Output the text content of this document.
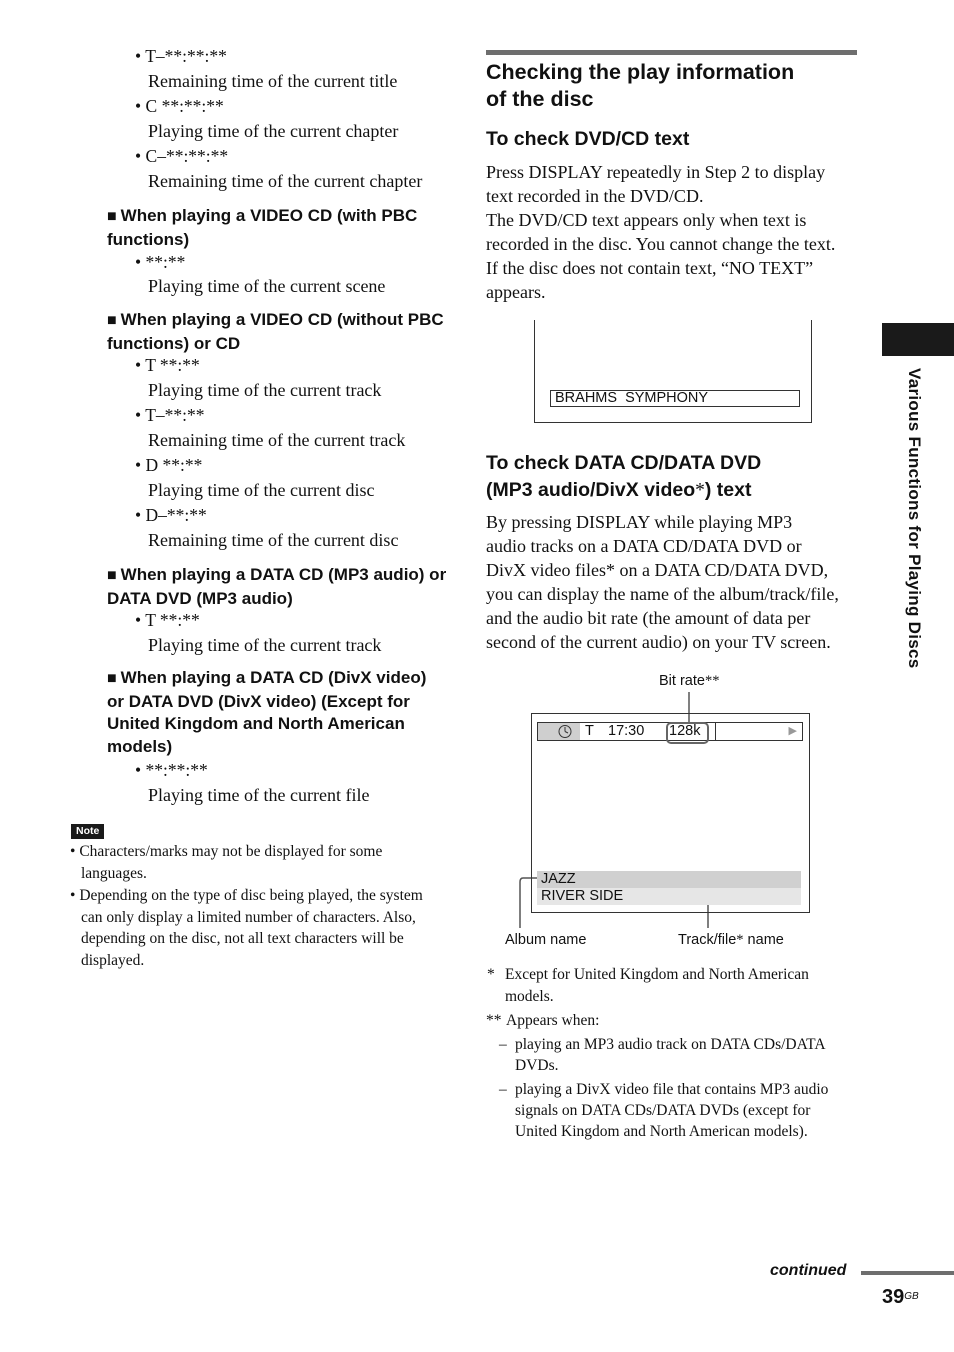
• T–**:**:**
Remaining time of the current title
• C **:**:**
Playing time of the current chapter
• C–**:**:**
Remaining time of the current chapter
■ When playing a VIDEO CD (with PBC functions)
• **:**
Playing time of the current scene
■ When playing a VIDEO CD (without PBC functions) or CD
• T **:**
Playing time of the current track
• T–**:**
Remaining time of the current track
• D **:**
Playing time of the current disc
• D–**:**
Remaining time of the current disc
■ When playing a DATA CD (MP3 audio) or DATA DVD (MP3 audio)
• T **:**
Playing time of the current track
■ When playing a DATA CD (DivX video) or DATA DVD (DivX video) (Except for United Kingdom and North American models)
• **:**:**
Playing time of the current file
Note
• Characters/marks may not be displayed for some languages.
• Depending on the type of disc being played, the system can only display a limited number of characters. Also, depending on the disc, not all text characters will be displayed.
Checking the play information
of the disc
To check DVD/CD text
Press DISPLAY repeatedly in Step 2 to display
text recorded in the DVD/CD.
The DVD/CD text appears only when text is
recorded in the disc. You cannot change the text.
If the disc does not contain text, “NO TEXT”
appears.
BRAHMS  SYMPHONY
To check DATA CD/DATA DVD
(MP3 audio/DivX video*) text
By pressing DISPLAY while playing MP3
audio tracks on a DATA CD/DATA DVD or
DivX video files* on a DATA CD/DATA DVD,
you can display the name of the album/track/file,
and the audio bit rate (the amount of data per
second of the current audio) on your TV screen.
Bit rate**
T 17:30 128k	▶
JAZZ
RIVER SIDE
Album name	Track/file* name
* Except for United Kingdom and North American
models.
** Appears when:
– playing an MP3 audio track on DATA CDs/DATA
DVDs.
– playing a DivX video file that contains MP3 audio
signals on DATA CDs/DATA DVDs (except for
United Kingdom and North American models).
Various Functions for Playing Discs
continued
$39^{GB}$
